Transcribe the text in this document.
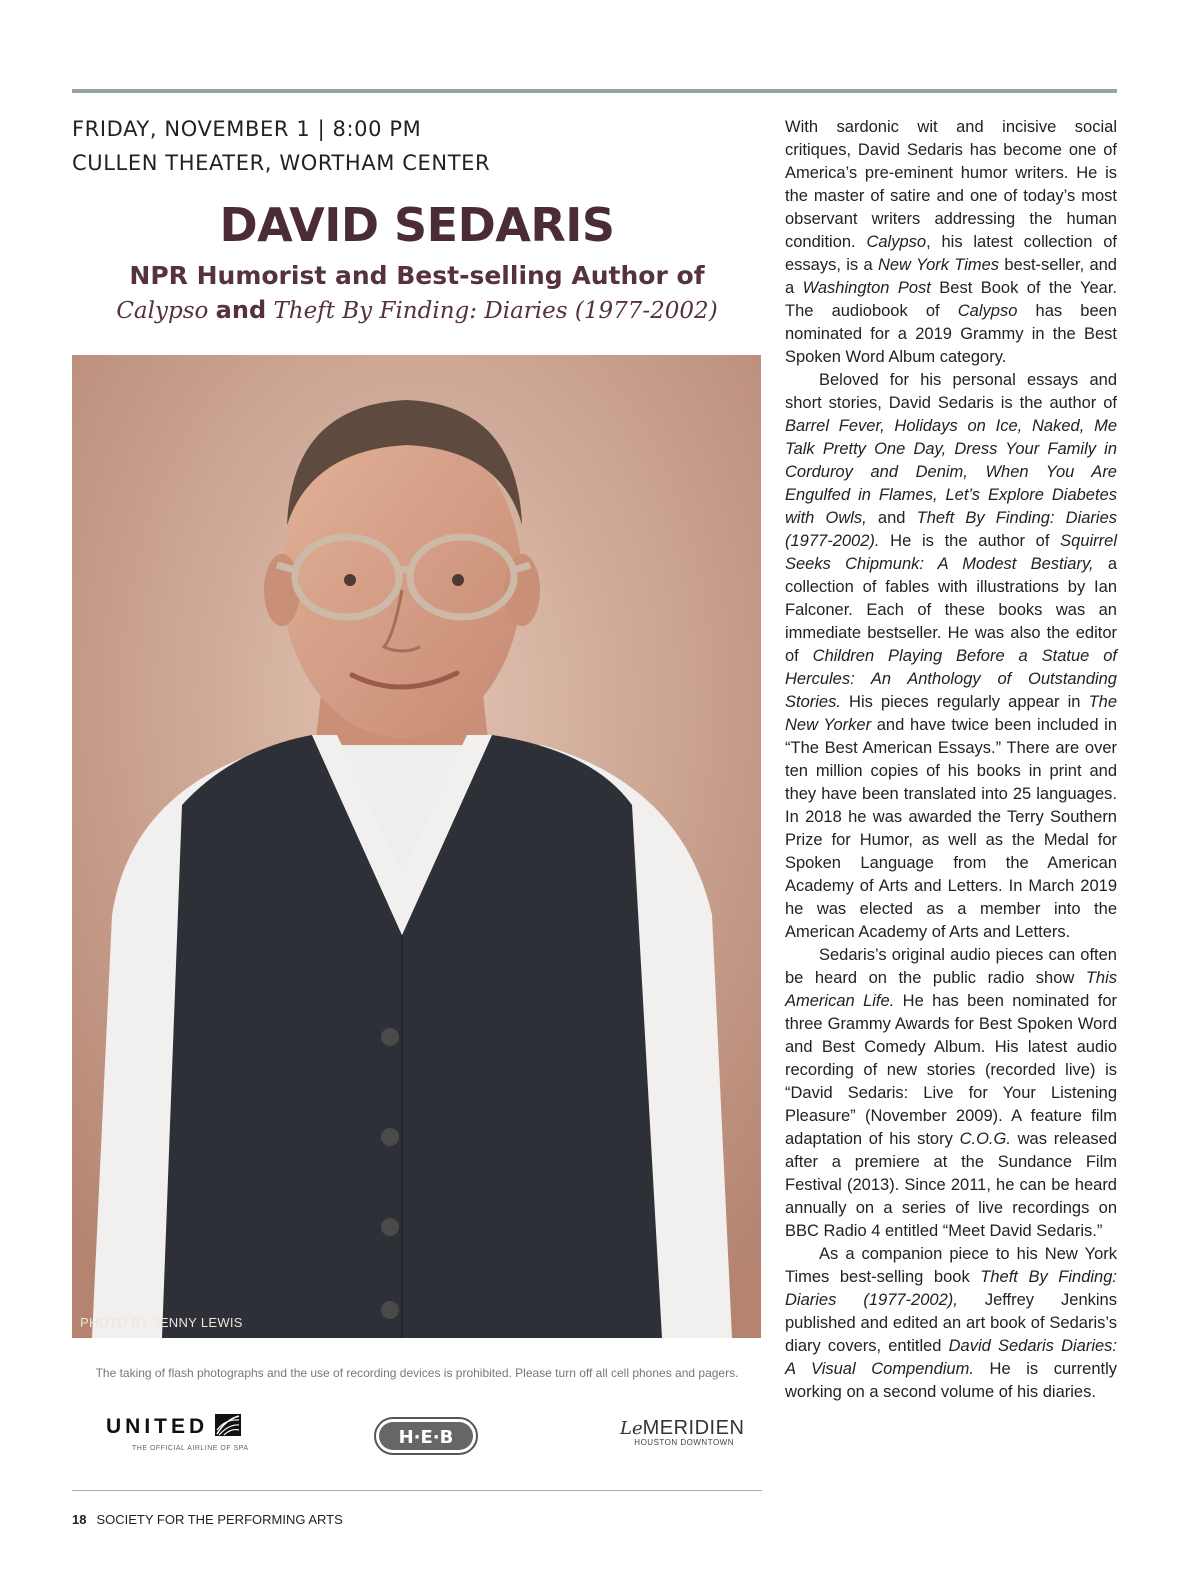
FRIDAY, NOVEMBER 1 | 8:00 PM
CULLEN THEATER, WORTHAM CENTER
DAVID SEDARIS
NPR Humorist and Best-selling Author of
Calypso and Theft By Finding: Diaries (1977-2002)
PHOTO BY JENNY LEWIS
The taking of flash photographs and the use of recording devices is prohibited. Please turn off all cell phones and pagers.
UNITED
THE OFFICIAL AIRLINE OF SPA
H·E·B	LeMERIDIEN
HOUSTON DOWNTOWN
18 SOCIETY FOR THE PERFORMING ARTS

With sardonic wit and incisive social critiques, David Sedaris has become one of America’s pre-eminent humor writers. He is the master of satire and one of today’s most observant writers addressing the human condition. Calypso, his latest collection of essays, is a New York Times best-seller, and a Washington Post Best Book of the Year. The audiobook of Calypso has been nominated for a 2019 Grammy in the Best Spoken Word Album category.

Beloved for his personal essays and short stories, David Sedaris is the author of Barrel Fever, Holidays on Ice, Naked, Me Talk Pretty One Day, Dress Your Family in Corduroy and Denim, When You Are Engulfed in Flames, Let’s Explore Diabetes with Owls, and Theft By Finding: Diaries (1977-2002). He is the author of Squirrel Seeks Chipmunk: A Modest Bestiary, a collection of fables with illustrations by Ian Falconer. Each of these books was an immediate bestseller. He was also the editor of Children Playing Before a Statue of Hercules: An Anthology of Outstanding Stories. His pieces regularly appear in The New Yorker and have twice been included in “The Best American Essays.” There are over ten million copies of his books in print and they have been translated into 25 languages. In 2018 he was awarded the Terry Southern Prize for Humor, as well as the Medal for Spoken Language from the American Academy of Arts and Letters. In March 2019 he was elected as a member into the American Academy of Arts and Letters.

Sedaris’s original audio pieces can often be heard on the public radio show This American Life. He has been nominated for three Grammy Awards for Best Spoken Word and Best Comedy Album. His latest audio recording of new stories (recorded live) is “David Sedaris: Live for Your Listening Pleasure” (November 2009). A feature film adaptation of his story C.O.G. was released after a premiere at the Sundance Film Festival (2013). Since 2011, he can be heard annually on a series of live recordings on BBC Radio 4 entitled “Meet David Sedaris.”

As a companion piece to his New York Times best-selling book Theft By Finding: Diaries (1977-2002), Jeffrey Jenkins published and edited an art book of Sedaris’s diary covers, entitled David Sedaris Diaries: A Visual Compendium. He is currently working on a second volume of his diaries.
